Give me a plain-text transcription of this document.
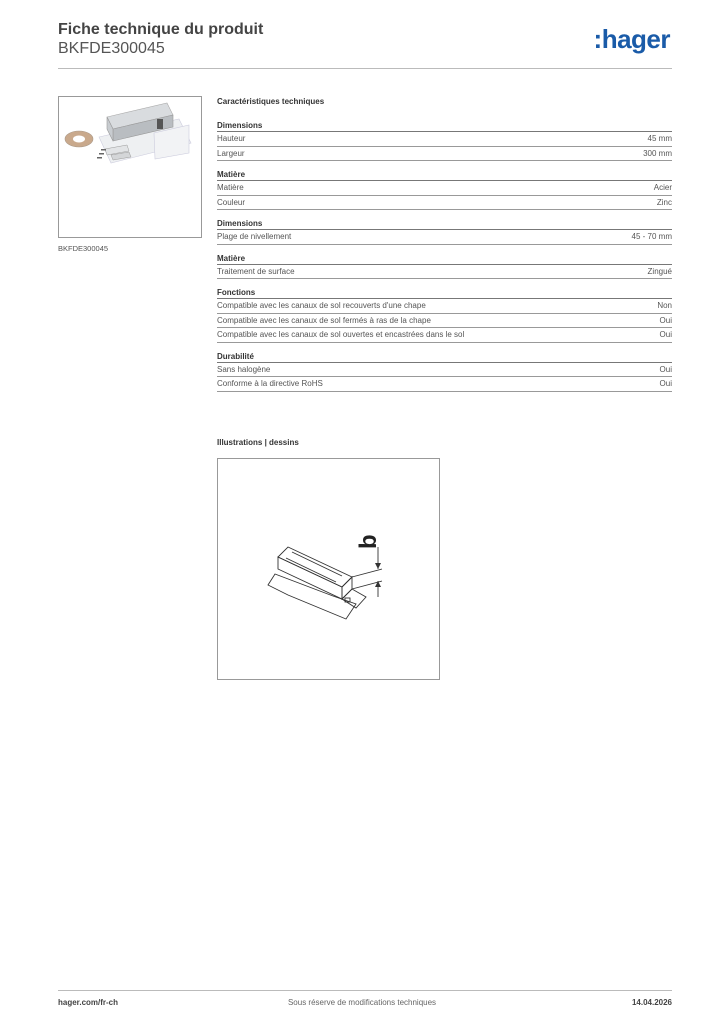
Fiche technique du produit
BKFDE300045	:hager
BKFDE300045
Caractéristiques techniques
Dimensions
Hauteur	45 mm
Largeur	300 mm
Matière
Matière	Acier
Couleur	Zinc
Dimensions
Plage de nivellement	45 - 70 mm
Matière
Traitement de surface	Zingué
Fonctions
Compatible avec les canaux de sol recouverts d'une chape	Non
Compatible avec les canaux de sol fermés à ras de la chape	Oui
Compatible avec les canaux de sol ouvertes et encastrées dans le sol	Oui
Durabilité
Sans halogène	Oui
Conforme à la directive RoHS	Oui
Illustrations | dessins
b
hager.com/fr-ch	Sous réserve de modifications techniques	14.04.2026
